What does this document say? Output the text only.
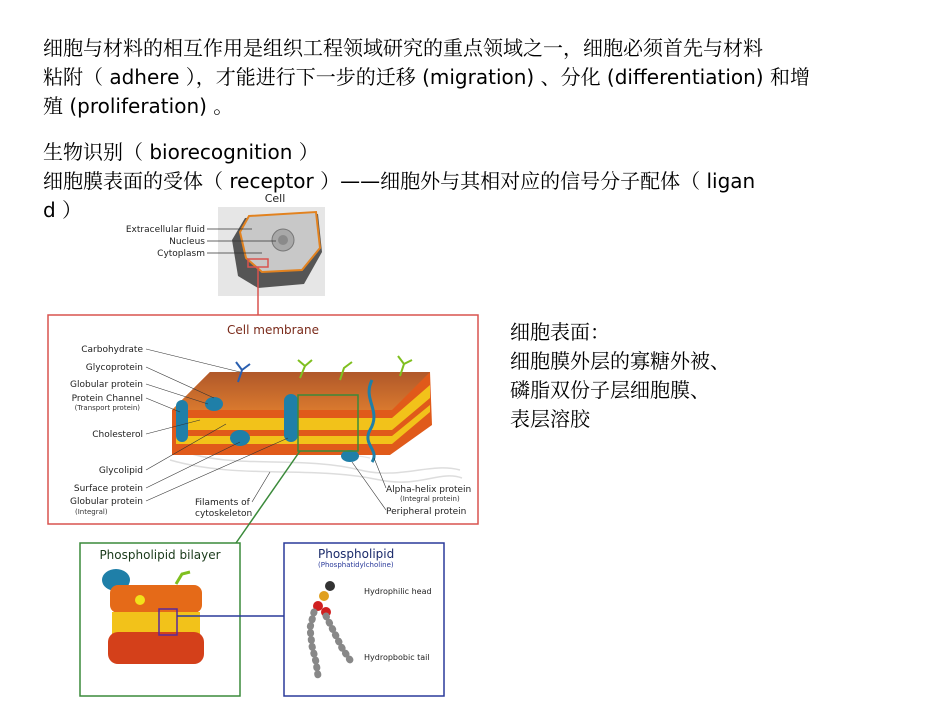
细胞与材料的相互作用是组织工程领域研究的重点领域之一，细胞必须首先与材料
粘附（ adhere ），才能进行下一步的迁移 (migration) 、分化 (differentiation) 和增
殖 (proliferation) 。
生物识别（ biorecognition ）
细胞膜表面的受体（ receptor ）——细胞外与其相对应的信号分子配体（ ligan
d ）
细胞表面：
细胞膜外层的寡糖外被、
磷脂双份子层细胞膜、
表层溶胶
Cell
Extracellular fluid
Nucleus
Cytoplasm
Cell membrane
Carbohydrate
Glycoprotein
Globular protein
Protein Channel
(Transport protein)
Cholesterol
Glycolipid
Surface protein
Globular protein
(Integral)
Filaments of
cytoskeleton
Alpha-helix protein
(Integral protein)
Peripheral protein
Phospholipid bilayer	Phospholipid
(Phosphatidylcholine)
Hydrophilic head
Hydropbobic tail
